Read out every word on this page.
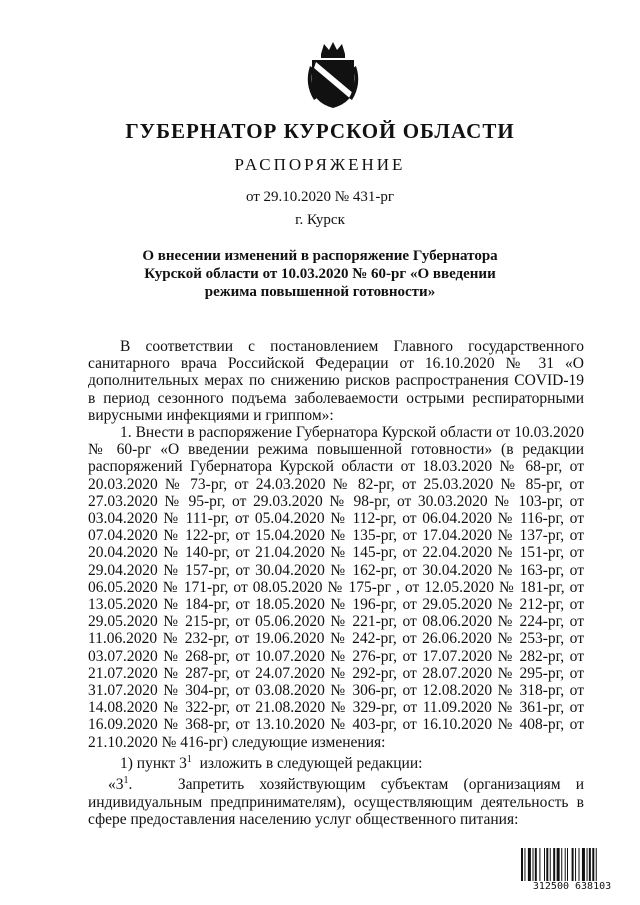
ГУБЕРНАТОР КУРСКОЙ ОБЛАСТИ
РАСПОРЯЖЕНИЕ
от 29.10.2020 № 431-рг
г. Курск
О внесении изменений в распоряжение Губернатора
Курской области от 10.03.2020 № 60-рг «О введении
режима повышенной готовности»

В соответствии с постановлением Главного государственного санитарного врача Российской Федерации от 16.10.2020 № 31 «О дополнительных мерах по снижению рисков распространения COVID-19 в период сезонного подъема заболеваемости острыми респираторными вирусными инфекциями и гриппом»:

1. Внести в распоряжение Губернатора Курской области от 10.03.2020 № 60-рг «О введении режима повышенной готовности» (в редакции распоряжений Губернатора Курской области от 18.03.2020 № 68-рг, от 20.03.2020 № 73-рг, от 24.03.2020 № 82-рг, от 25.03.2020 № 85-рг, от 27.03.2020 № 95-рг, от 29.03.2020 № 98-рг, от 30.03.2020 № 103-рг, от 03.04.2020 № 111-рг, от 05.04.2020 № 112-рг, от 06.04.2020 № 116-рг, от 07.04.2020 № 122-рг, от 15.04.2020 № 135-рг, от 17.04.2020 № 137-рг, от 20.04.2020 № 140-рг, от 21.04.2020 № 145-рг, от 22.04.2020 № 151-рг, от 29.04.2020 № 157-рг, от 30.04.2020 № 162-рг, от 30.04.2020 № 163-рг, от 06.05.2020 № 171-рг, от 08.05.2020 № 175-рг , от 12.05.2020 № 181-рг, от 13.05.2020 № 184-рг, от 18.05.2020 № 196-рг, от 29.05.2020 № 212-рг, от 29.05.2020 № 215-рг, от 05.06.2020 № 221-рг, от 08.06.2020 № 224-рг, от 11.06.2020 № 232-рг, от 19.06.2020 № 242-рг, от 26.06.2020 № 253-рг, от 03.07.2020 № 268-рг, от 10.07.2020 № 276-рг, от 17.07.2020 № 282-рг, от 21.07.2020 № 287-рг, от 24.07.2020 № 292-рг, от 28.07.2020 № 295-рг, от 31.07.2020 № 304-рг, от 03.08.2020 № 306-рг, от 12.08.2020 № 318-рг, от 14.08.2020 № 322-рг, от 21.08.2020 № 329-рг, от 11.09.2020 № 361-рг, от 16.09.2020 № 368-рг, от 13.10.2020 № 403-рг, от 16.10.2020 № 408-рг, от 21.10.2020 № 416-рг) следующие изменения:

1) пункт $3^1$ изложить в следующей редакции:

«$3^1$.	Запретить хозяйствующим субъектам (организациям и индивидуальным предпринимателям), осуществляющим деятельность в сфере предоставления населению услуг общественного питания:

312500 638103
